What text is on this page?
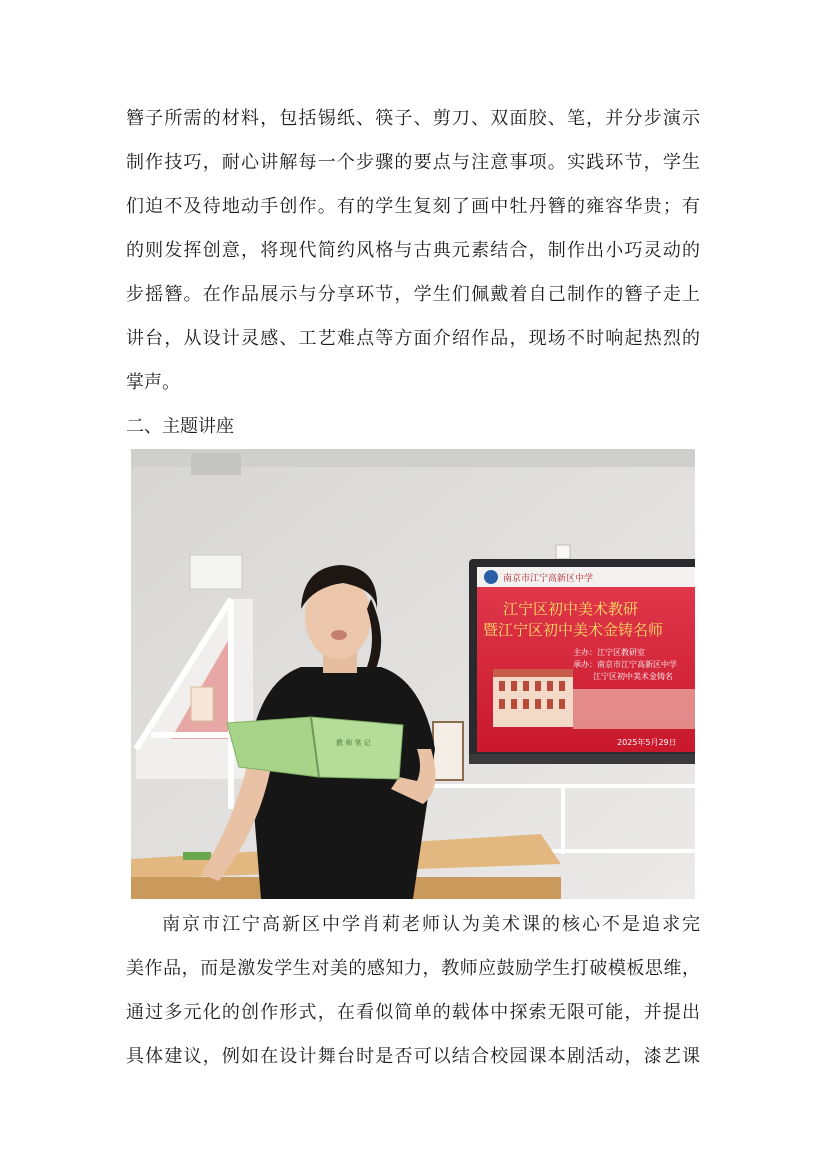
簪子所需的材料，包括锡纸、筷子、剪刀、双面胶、笔，并分步演示
制作技巧，耐心讲解每一个步骤的要点与注意事项。实践环节，学生
们迫不及待地动手创作。有的学生复刻了画中牡丹簪的雍容华贵；有
的则发挥创意，将现代简约风格与古典元素结合，制作出小巧灵动的
步摇簪。在作品展示与分享环节，学生们佩戴着自己制作的簪子走上
讲台，从设计灵感、工艺难点等方面介绍作品，现场不时响起热烈的
掌声。
二、主题讲座
南京市江宁高新区中学
江宁区初中美术教研
暨江宁区初中美术金铸名师
主办：江宁区教研室
承办：南京市江宁高新区中学
江宁区初中美术金铸名
2025年5月29日
教 师 笔 记
南京市江宁高新区中学肖莉老师认为美术课的核心不是追求完
美作品，而是激发学生对美的感知力，教师应鼓励学生打破模板思维，
通过多元化的创作形式，在看似简单的载体中探索无限可能，并提出
具体建议，例如在设计舞台时是否可以结合校园课本剧活动，漆艺课
